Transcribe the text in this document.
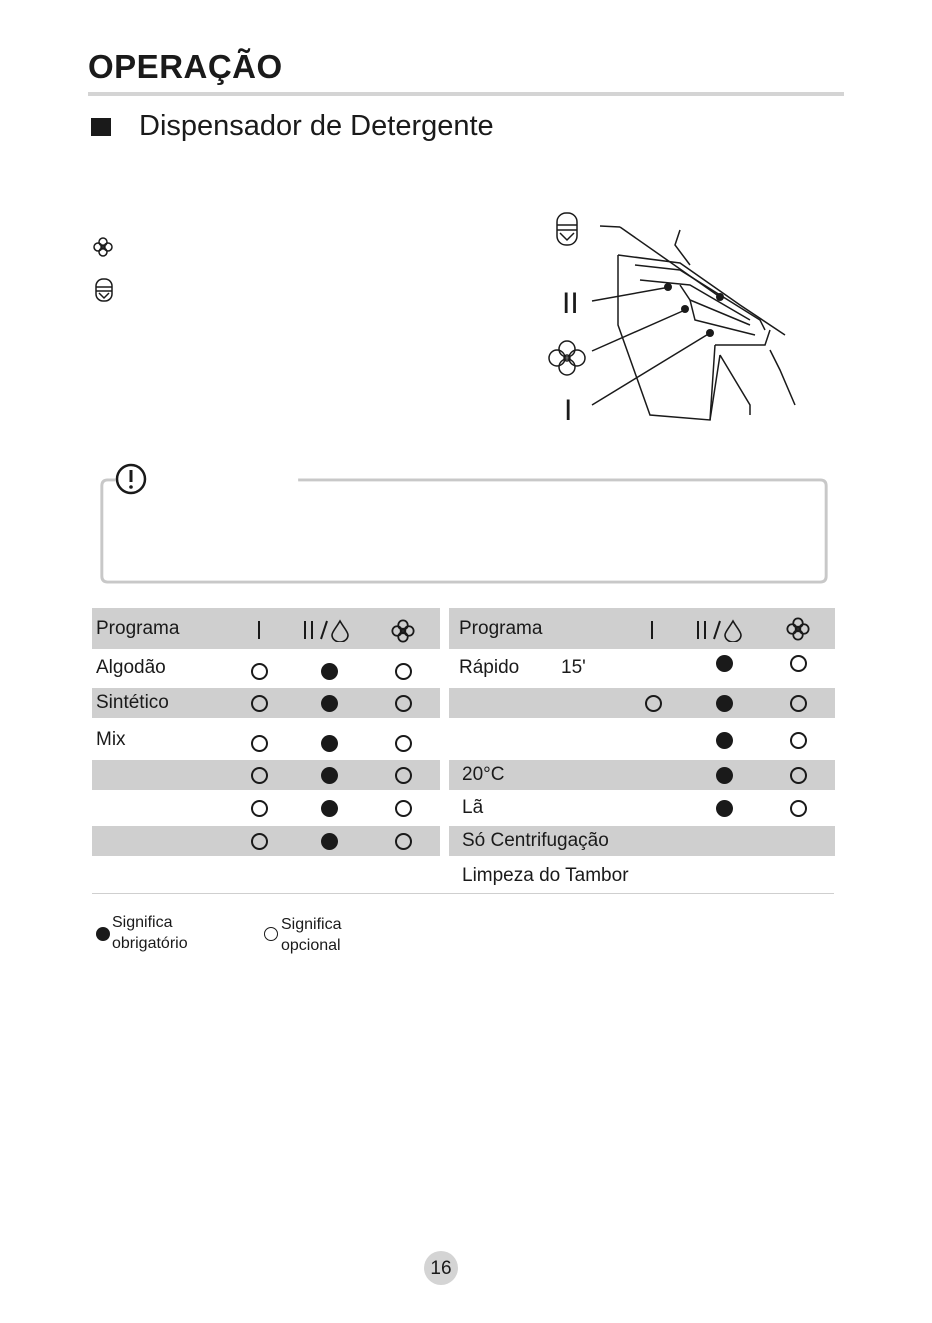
OPERAÇÃO
Dispensador de Detergente
II
I
Programa
Algodão
Sintético
Mix
Programa
Rápido 15'
20°C
Lã
Só Centrifugação
Limpeza do Tambor
Significa
obrigatório
Significa
opcional
16
